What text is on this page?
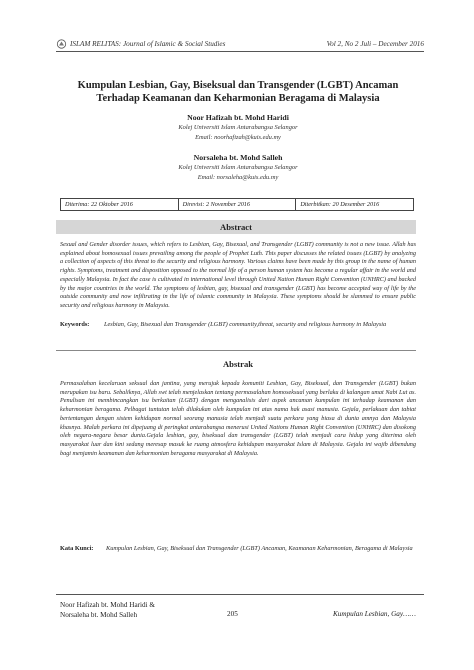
ISLAM RELITAS: Journal of Islamic & Social Studies	Vol 2, No 2 Juli – December 2016
Kumpulan Lesbian, Gay, Biseksual dan Transgender (LGBT) Ancaman Terhadap Keamanan dan Keharmonian Beragama di Malaysia
Noor Hafizah bt. Mohd Haridi
Kolej Universiti Islam Antarabangsa Selangor
Email: noorhafizah@kuis.edu.my
Norsaleha bt. Mohd Salleh
Kolej Universiti Islam Antarabangsa Selangor
Email: norsaleha@kuis.edu.my
Diterima: 22 Oktober 2016	Direvisi: 2 November 2016	Diterbitkan: 20 Desember 2016
Abstract
Sexual and Gender disorder issues, which refers to Lesbian, Gay, Bisexual, and Transgender (LGBT) community is not a new issue. Allah has explained about homosexual issues prevailing among the people of Prophet Luth. This paper discusses the related issues (LGBT) by analyzing a collection of aspects of this threat to the security and religious harmony. Various claims have been made by this group in the name of human rights. Symptoms, treatment and disposition opposed to the normal life of a person human system has become a regular affair in the world and especially Malaysia. In fact the case is cultivated in international level through United Nation Human Right Convention (UNHRC) and backed by the major countries in the world. The symptoms of lesbian, gay, bisexual and transgender (LGBT) has become accepted way of life by the outside community and now infiltrating in the life of islamic community in Malaysia. These symptoms should be slammed to ensure public security and religious harmony in Malaysia.
Keywords:	Lesbian, Gay, Bisexual dan Transgender (LGBT) community,threat, security and religious harmony in Malaysia
Abstrak
Permasalahan kecelaruan seksual dan jantina, yang merujuk kepada komuniti Lesbian, Gay, Biseksual, dan Transgender (LGBT) bukan merupakan isu baru. Sebaliknya, Allah swt telah menjelaskan tentang permasalahan homoseksual yang berlaku di kalangan umat Nabi Lut as. Penulisan ini membincangkan isu berkaitan (LGBT) dengan menganalisis dari aspek ancaman kumpulan ini terhadap keamanan dan keharmonian beragama. Pelbagai tuntutan telah dilakukan oleh kumpulan ini atas nama hak asasi manusia. Gejala, perlakuan dan tabiat bertentangan dengan sistem kehidupan normal seorang manusia telah menjadi suatu perkara yang biasa di dunia amnya dan Malaysia khasnya. Malah perkara ini dipejuang di peringkat antarabangsa menerusi United Nations Human Right Convention (UNHRC) dan disokong oleh negara-negara besar dunia.Gejala lesbian, gay, biseksual dan transgender (LGBT) telah menjadi cara hidup yang diterima oleh masyarakat luar dan kini sedang meresap masuk ke ruang atmosfera kehidupan masyarakat Islam di Malaysia. Gejala ini wajib dibendung bagi menjamin keamanan dan keharmonian beragama masyarakat di Malaysia.
Kata Kunci:	Kumpulan Lesbian, Gay, Biseksual dan Transgender (LGBT) Ancaman, Keamanan Keharmonian, Beragama di Malaysia
Noor Hafizah bt. Mohd Haridi &
Norsaleha bt. Mohd Salleh	205	Kumpulan Lesbian, Gay……
